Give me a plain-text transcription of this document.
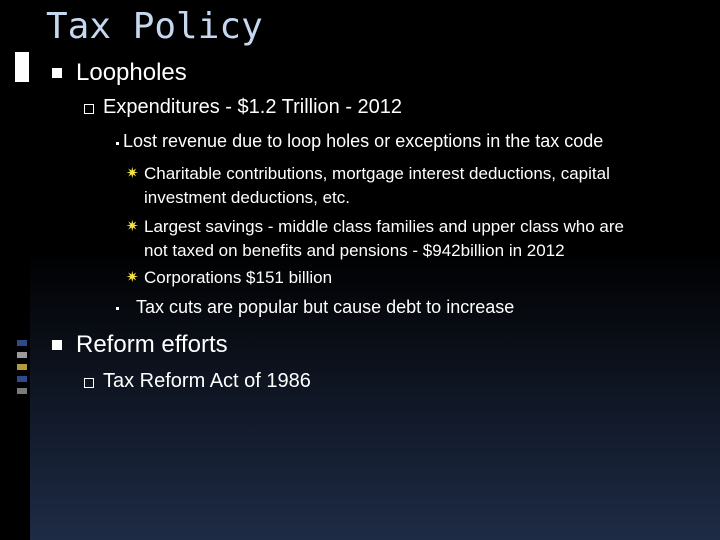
Tax Policy
Loopholes
Expenditures - $1.2 Trillion - 2012
Lost revenue due to loop holes or exceptions in the tax code
✷ Charitable contributions, mortgage interest deductions, capital
investment deductions, etc.
✷ Largest savings - middle class families and upper class who are
not taxed on benefits and pensions - $942billion in 2012
✷ Corporations $151 billion
Tax cuts are popular but cause debt to increase
Reform efforts
Tax Reform Act of 1986
